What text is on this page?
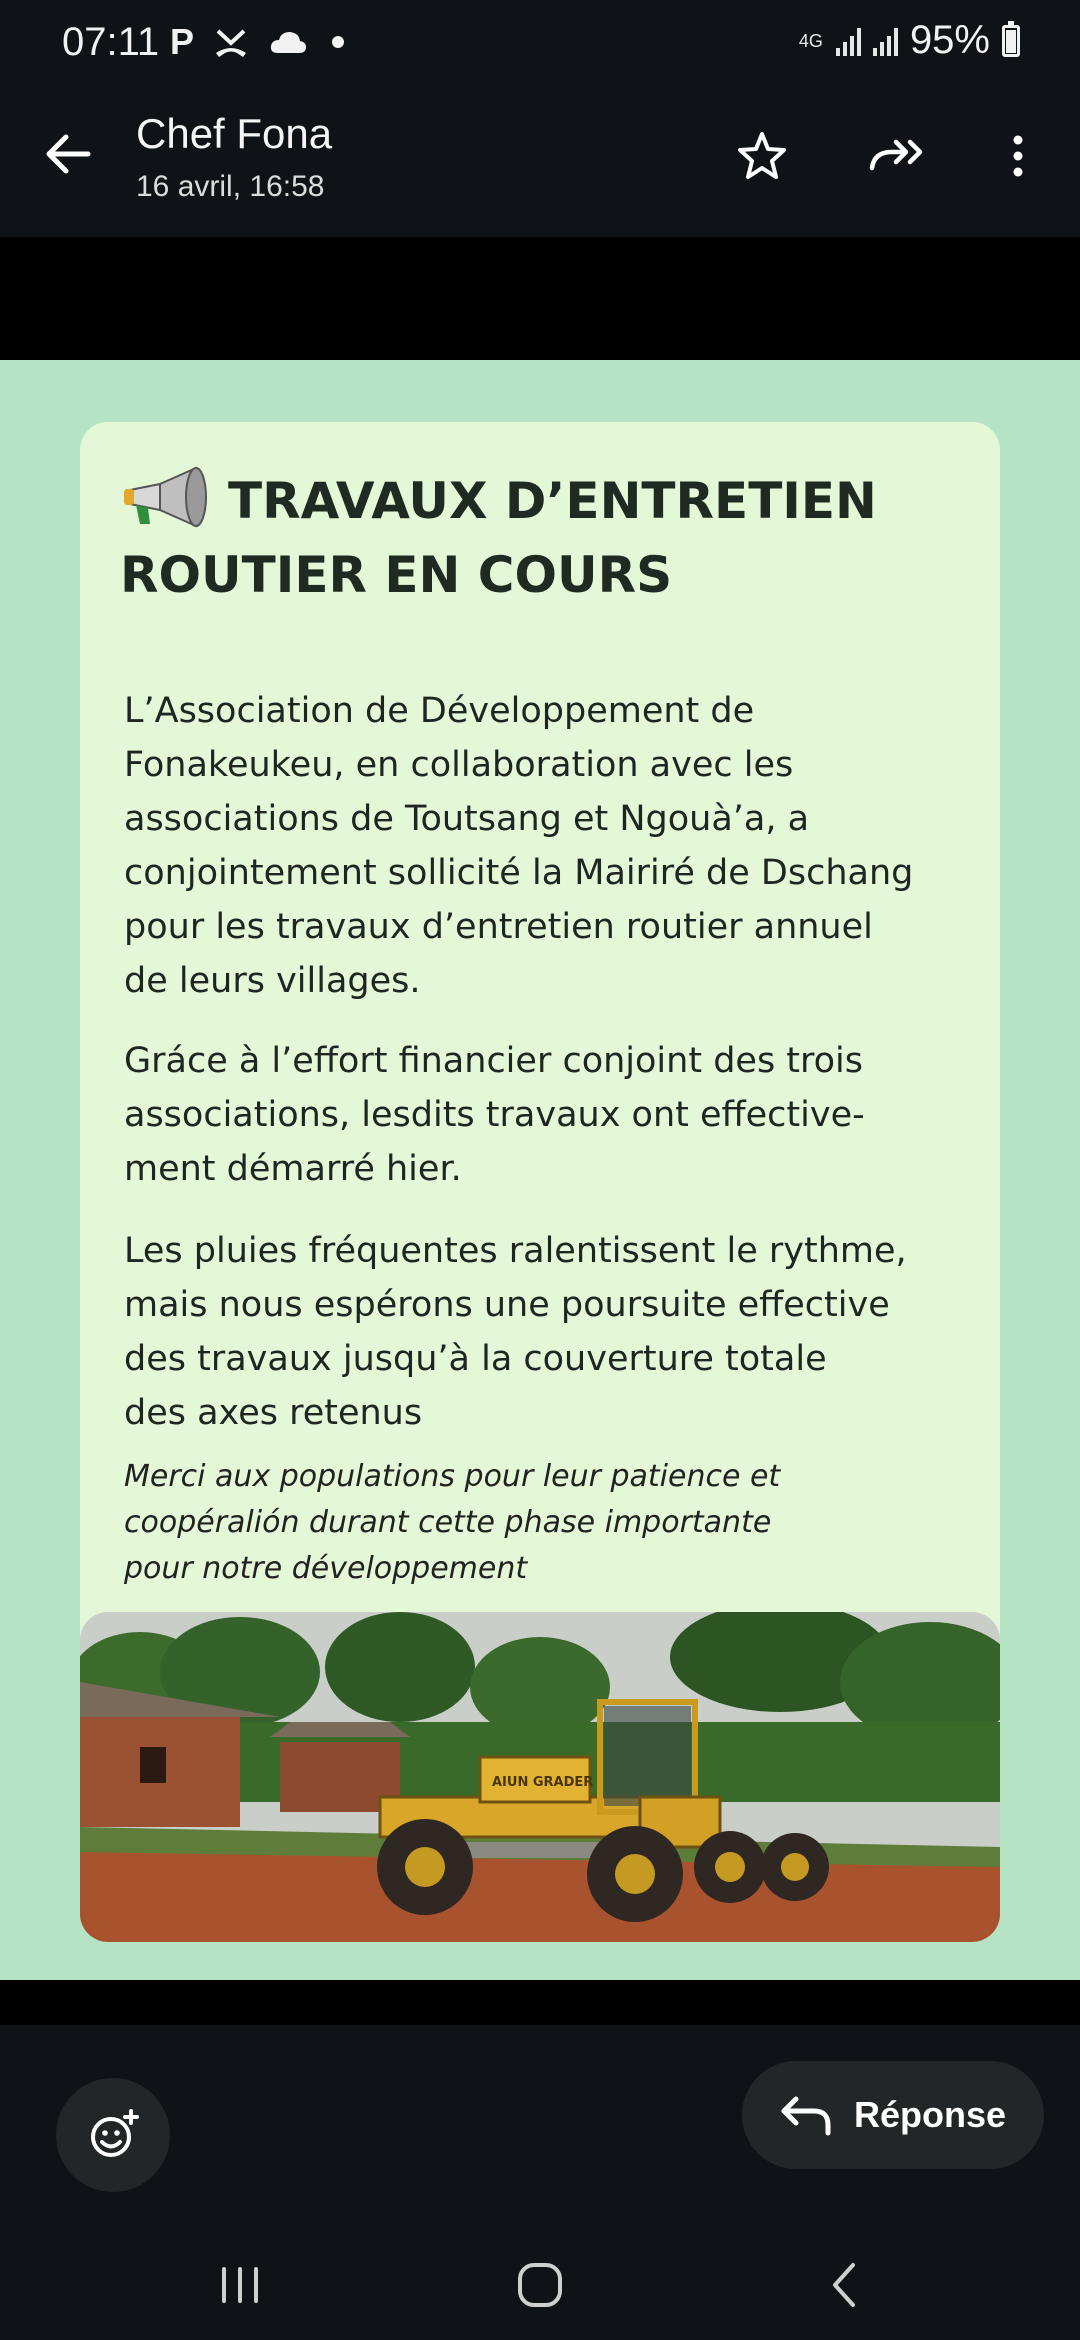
07:11 P	4G 95%
Chef Fona
16 avril, 16:58
TRAVAUX D’ENTRETIEN
ROUTIER EN COURS
L’Association de Développement de
Fonakeukeu, en collaboration avec les
associations de Toutsang et Ngouà’a, a
conjointement sollicité la Mairiré de Dschang
pour les travaux d’entretien routier annuel
de leurs villages.
Gráce à l’effort financier conjoint des trois
associations, lesdits travaux ont effective-
ment démarré hier.
Les pluies fréquentes ralentissent le rythme,
mais nous espérons une poursuite effective
des travaux jusqu’à la couverture totale
des axes retenus
Merci aux populations pour leur patience et
coopéralión durant cette phase importante
pour notre développement
AIUN GRADER
Réponse
